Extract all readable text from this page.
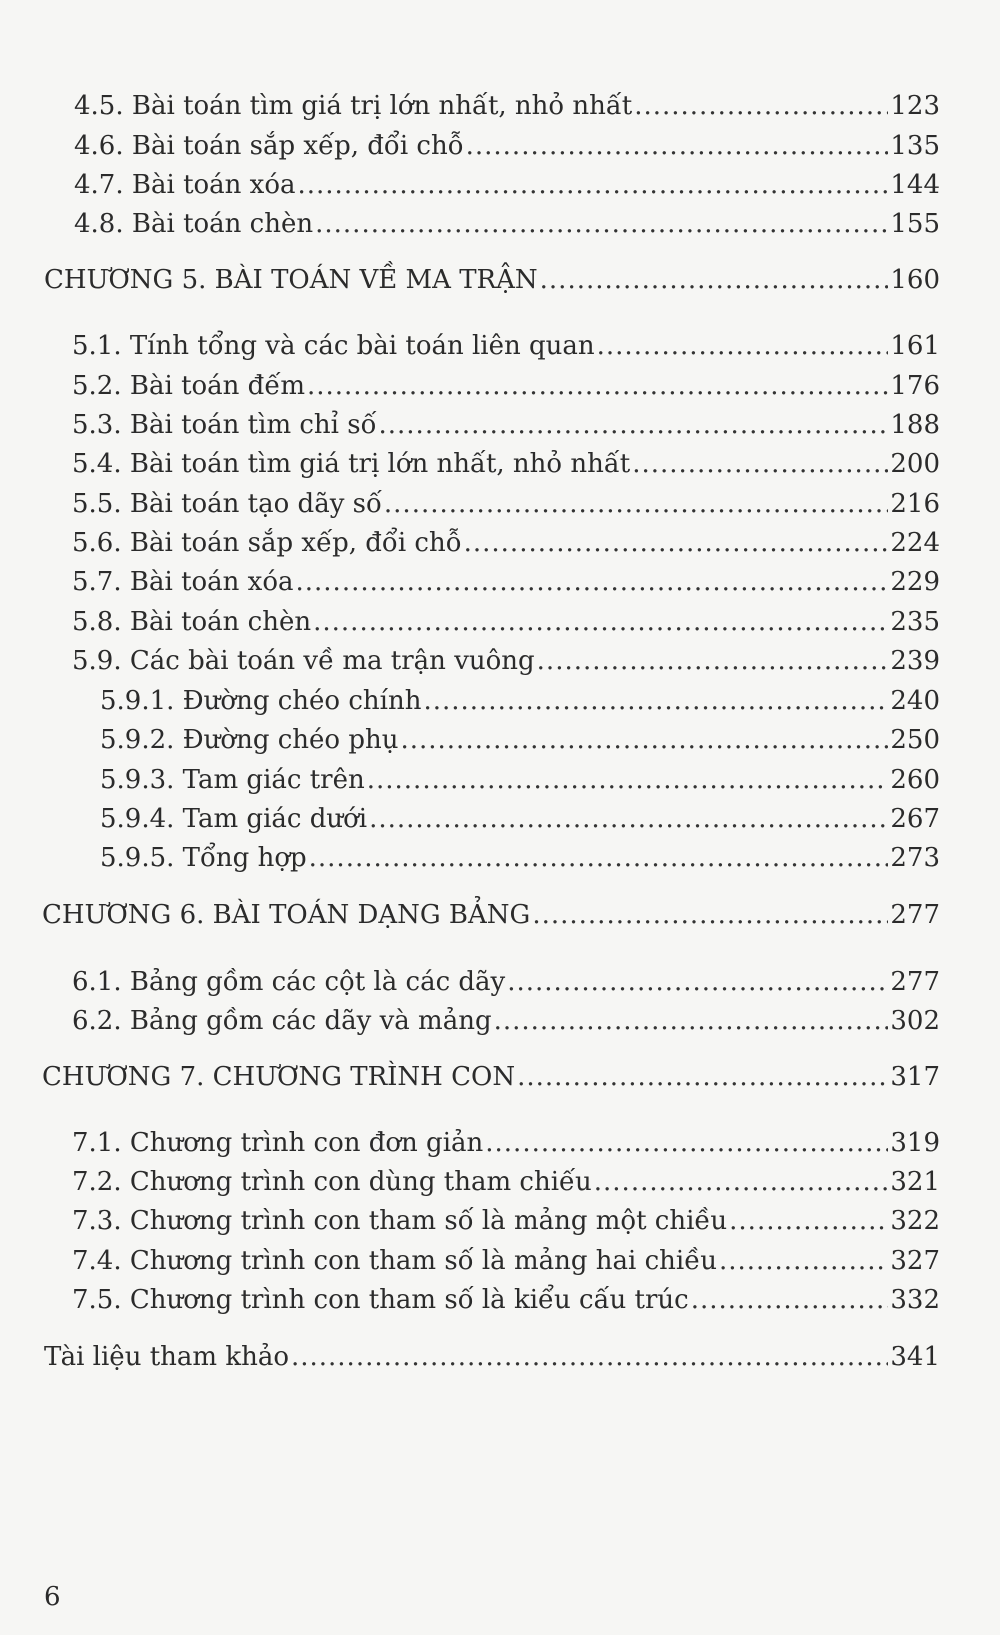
4.5. Bài toán tìm giá trị lớn nhất, nhỏ nhất .....	123
4.6. Bài toán sắp xếp, đổi chỗ .....	135
4.7. Bài toán xóa .....	144
4.8. Bài toán chèn .....	155
CHƯƠNG 5. BÀI TOÁN VỀ MA TRẬN .....	160
5.1. Tính tổng và các bài toán liên quan .....	161
5.2. Bài toán đếm .....	176
5.3. Bài toán tìm chỉ số .....	188
5.4. Bài toán tìm giá trị lớn nhất, nhỏ nhất .....	200
5.5. Bài toán tạo dãy số .....	216
5.6. Bài toán sắp xếp, đổi chỗ .....	224
5.7. Bài toán xóa .....	229
5.8. Bài toán chèn .....	235
5.9. Các bài toán về ma trận vuông .....	239
5.9.1. Đường chéo chính .....	240
5.9.2. Đường chéo phụ .....	250
5.9.3. Tam giác trên .....	260
5.9.4. Tam giác dưới .....	267
5.9.5. Tổng hợp .....	273
CHƯƠNG 6. BÀI TOÁN DẠNG BẢNG .....	277
6.1. Bảng gồm các cột là các dãy .....	277
6.2. Bảng gồm các dãy và mảng .....	302
CHƯƠNG 7. CHƯƠNG TRÌNH CON .....	317
7.1. Chương trình con đơn giản .....	319
7.2. Chương trình con dùng tham chiếu .....	321
7.3. Chương trình con tham số là mảng một chiều .....	322
7.4. Chương trình con tham số là mảng hai chiều .....	327
7.5. Chương trình con tham số là kiểu cấu trúc .....	332
Tài liệu tham khảo .....	341
6
